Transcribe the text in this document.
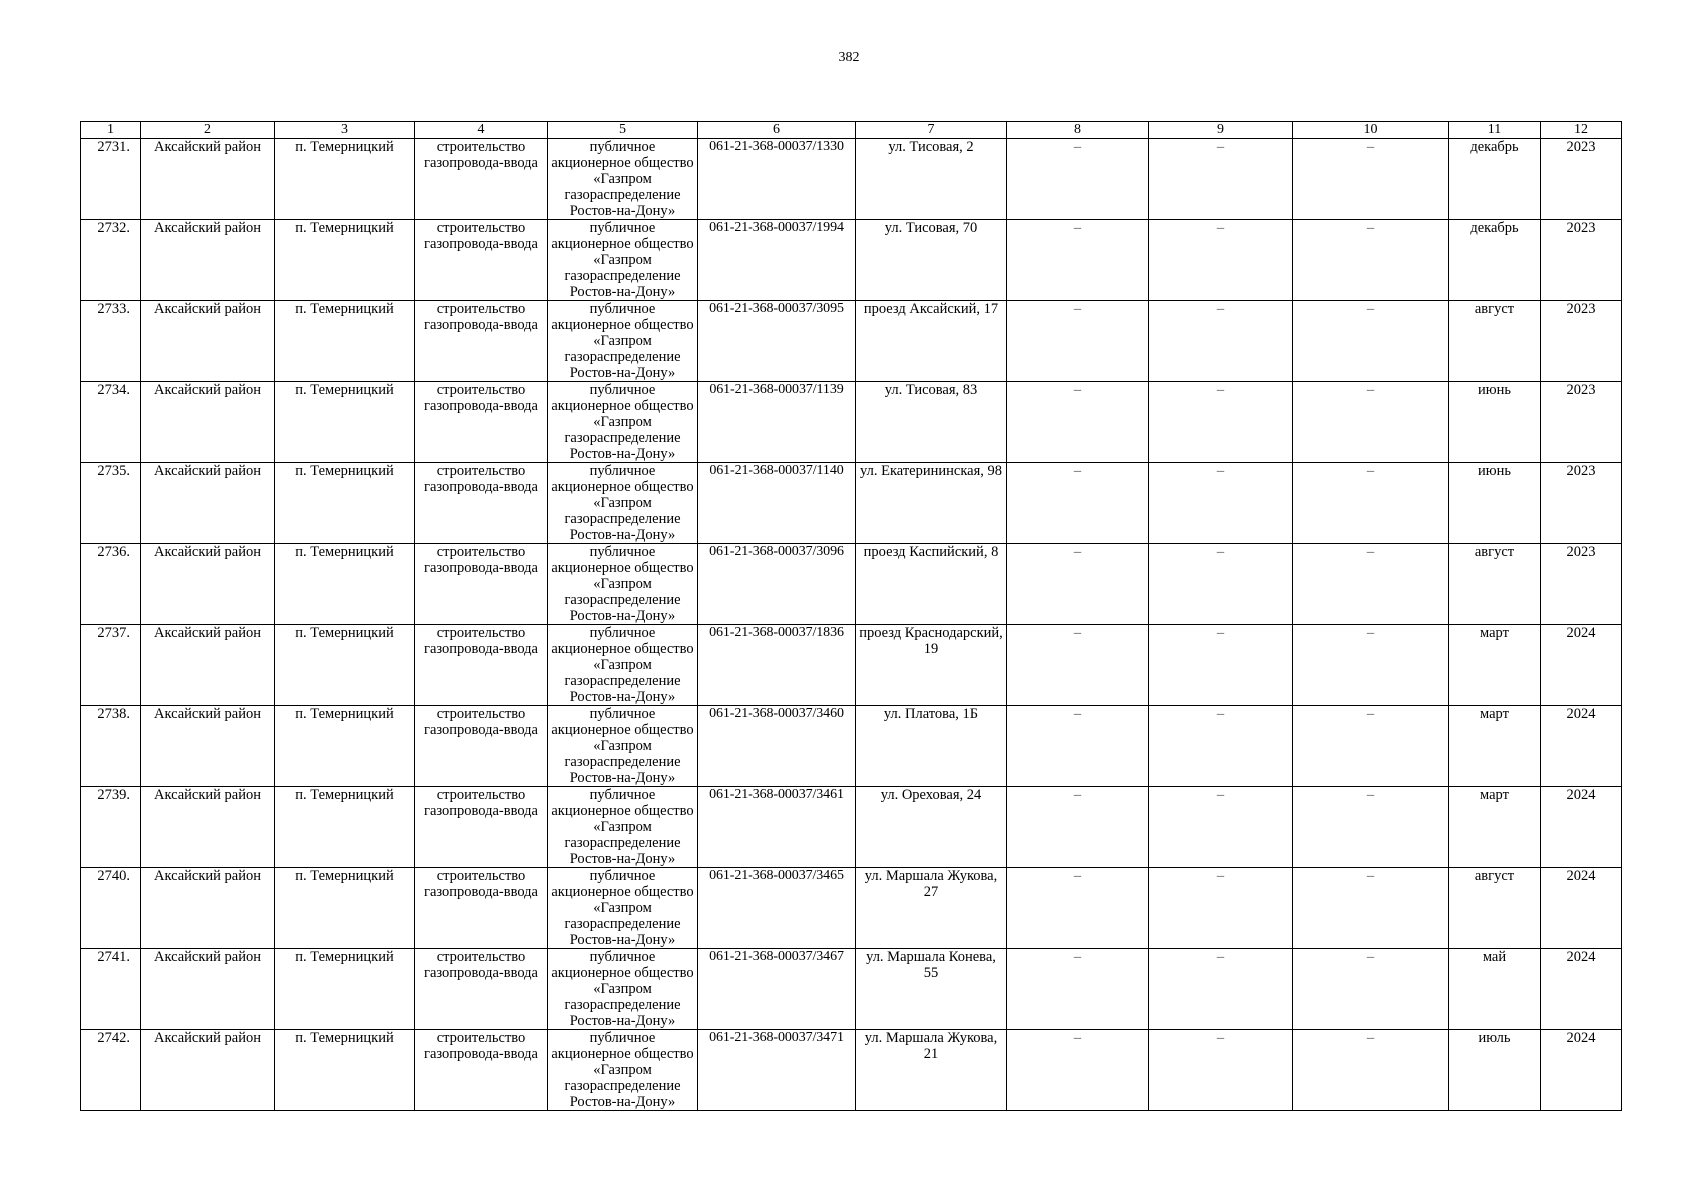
382
1	2	3	4	5	6	7	8	9	10	11	12
2731.	Аксайский район	п. Темерницкий	строительство газопровода-ввода	публичное акционерное общество «Газпром газораспределение Ростов-на-Дону»	061-21-368-00037/1330	ул. Тисовая, 2	–	–	–	декабрь	2023
2732.	Аксайский район	п. Темерницкий	строительство газопровода-ввода	публичное акционерное общество «Газпром газораспределение Ростов-на-Дону»	061-21-368-00037/1994	ул. Тисовая, 70	–	–	–	декабрь	2023
2733.	Аксайский район	п. Темерницкий	строительство газопровода-ввода	публичное акционерное общество «Газпром газораспределение Ростов-на-Дону»	061-21-368-00037/3095	проезд Аксайский, 17	–	–	–	август	2023
2734.	Аксайский район	п. Темерницкий	строительство газопровода-ввода	публичное акционерное общество «Газпром газораспределение Ростов-на-Дону»	061-21-368-00037/1139	ул. Тисовая, 83	–	–	–	июнь	2023
2735.	Аксайский район	п. Темерницкий	строительство газопровода-ввода	публичное акционерное общество «Газпром газораспределение Ростов-на-Дону»	061-21-368-00037/1140	ул. Екатерининская, 98	–	–	–	июнь	2023
2736.	Аксайский район	п. Темерницкий	строительство газопровода-ввода	публичное акционерное общество «Газпром газораспределение Ростов-на-Дону»	061-21-368-00037/3096	проезд Каспийский, 8	–	–	–	август	2023
2737.	Аксайский район	п. Темерницкий	строительство газопровода-ввода	публичное акционерное общество «Газпром газораспределение Ростов-на-Дону»	061-21-368-00037/1836	проезд Краснодарский, 19	–	–	–	март	2024
2738.	Аксайский район	п. Темерницкий	строительство газопровода-ввода	публичное акционерное общество «Газпром газораспределение Ростов-на-Дону»	061-21-368-00037/3460	ул. Платова, 1Б	–	–	–	март	2024
2739.	Аксайский район	п. Темерницкий	строительство газопровода-ввода	публичное акционерное общество «Газпром газораспределение Ростов-на-Дону»	061-21-368-00037/3461	ул. Ореховая, 24	–	–	–	март	2024
2740.	Аксайский район	п. Темерницкий	строительство газопровода-ввода	публичное акционерное общество «Газпром газораспределение Ростов-на-Дону»	061-21-368-00037/3465	ул. Маршала Жукова, 27	–	–	–	август	2024
2741.	Аксайский район	п. Темерницкий	строительство газопровода-ввода	публичное акционерное общество «Газпром газораспределение Ростов-на-Дону»	061-21-368-00037/3467	ул. Маршала Конева, 55	–	–	–	май	2024
2742.	Аксайский район	п. Темерницкий	строительство газопровода-ввода	публичное акционерное общество «Газпром газораспределение Ростов-на-Дону»	061-21-368-00037/3471	ул. Маршала Жукова, 21	–	–	–	июль	2024
